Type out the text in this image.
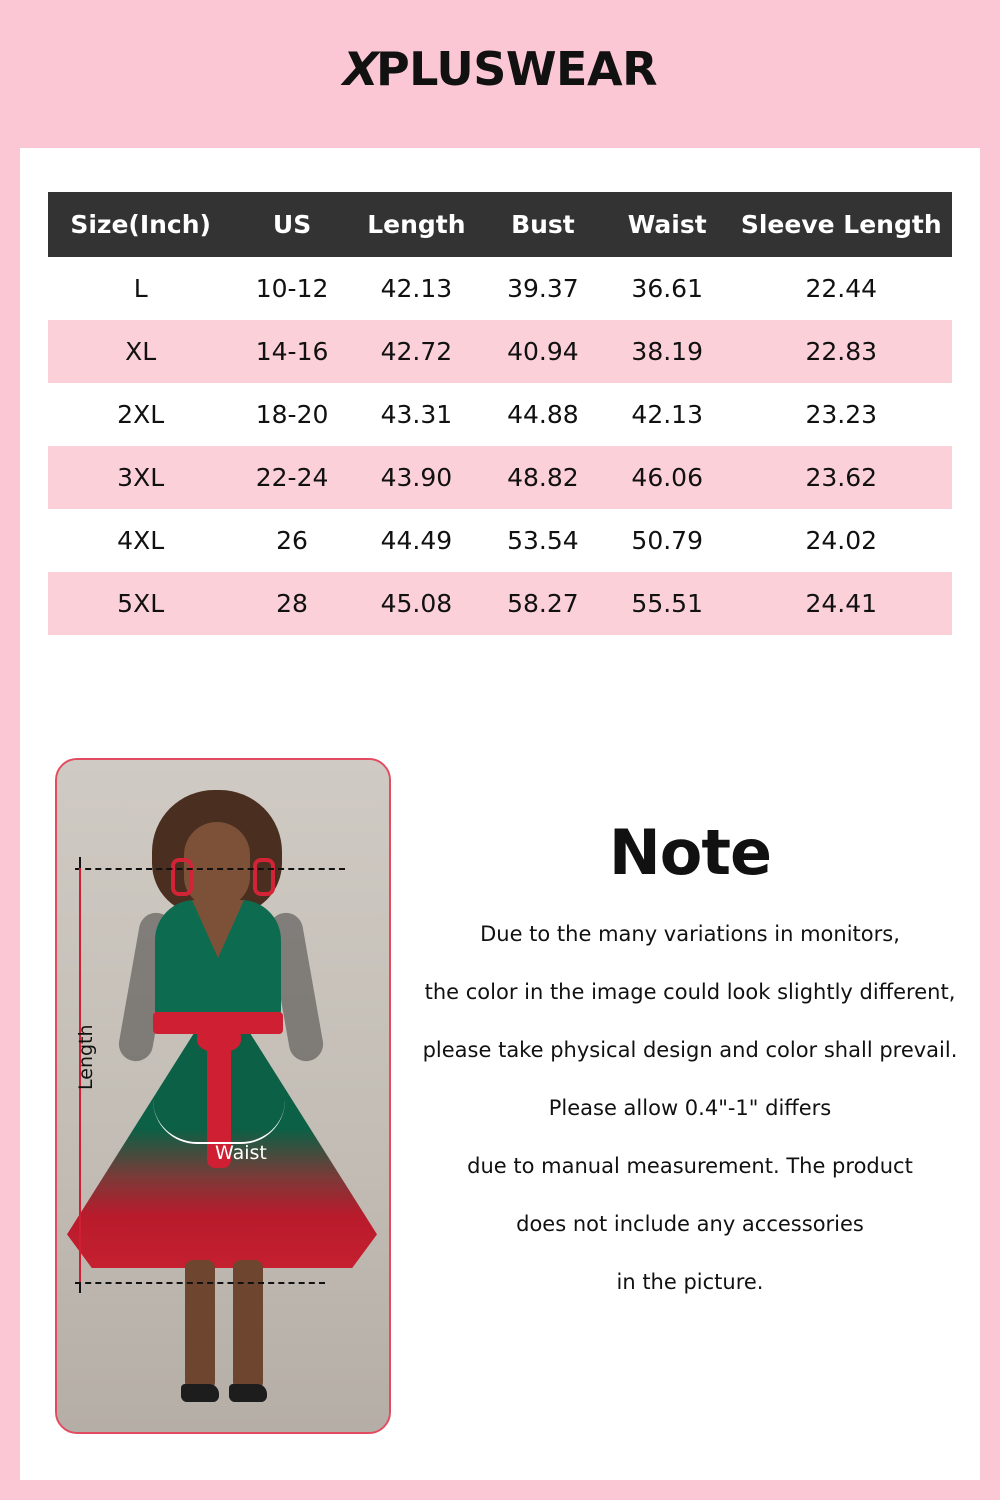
XPLUSWEAR
Size(Inch)	US	Length	Bust	Waist	Sleeve Length
L	10-12	42.13	39.37	36.61	22.44
XL	14-16	42.72	40.94	38.19	22.83
2XL	18-20	43.31	44.88	42.13	23.23
3XL	22-24	43.90	48.82	46.06	23.62
4XL	26	44.49	53.54	50.79	24.02
5XL	28	45.08	58.27	55.51	24.41
Length
Waist
Note

Due to the many variations in monitors,

the color in the image could look slightly different,

please take physical design and color shall prevail.

Please allow 0.4"-1" differs

due to manual measurement. The product

does not include any accessories

in the picture.
